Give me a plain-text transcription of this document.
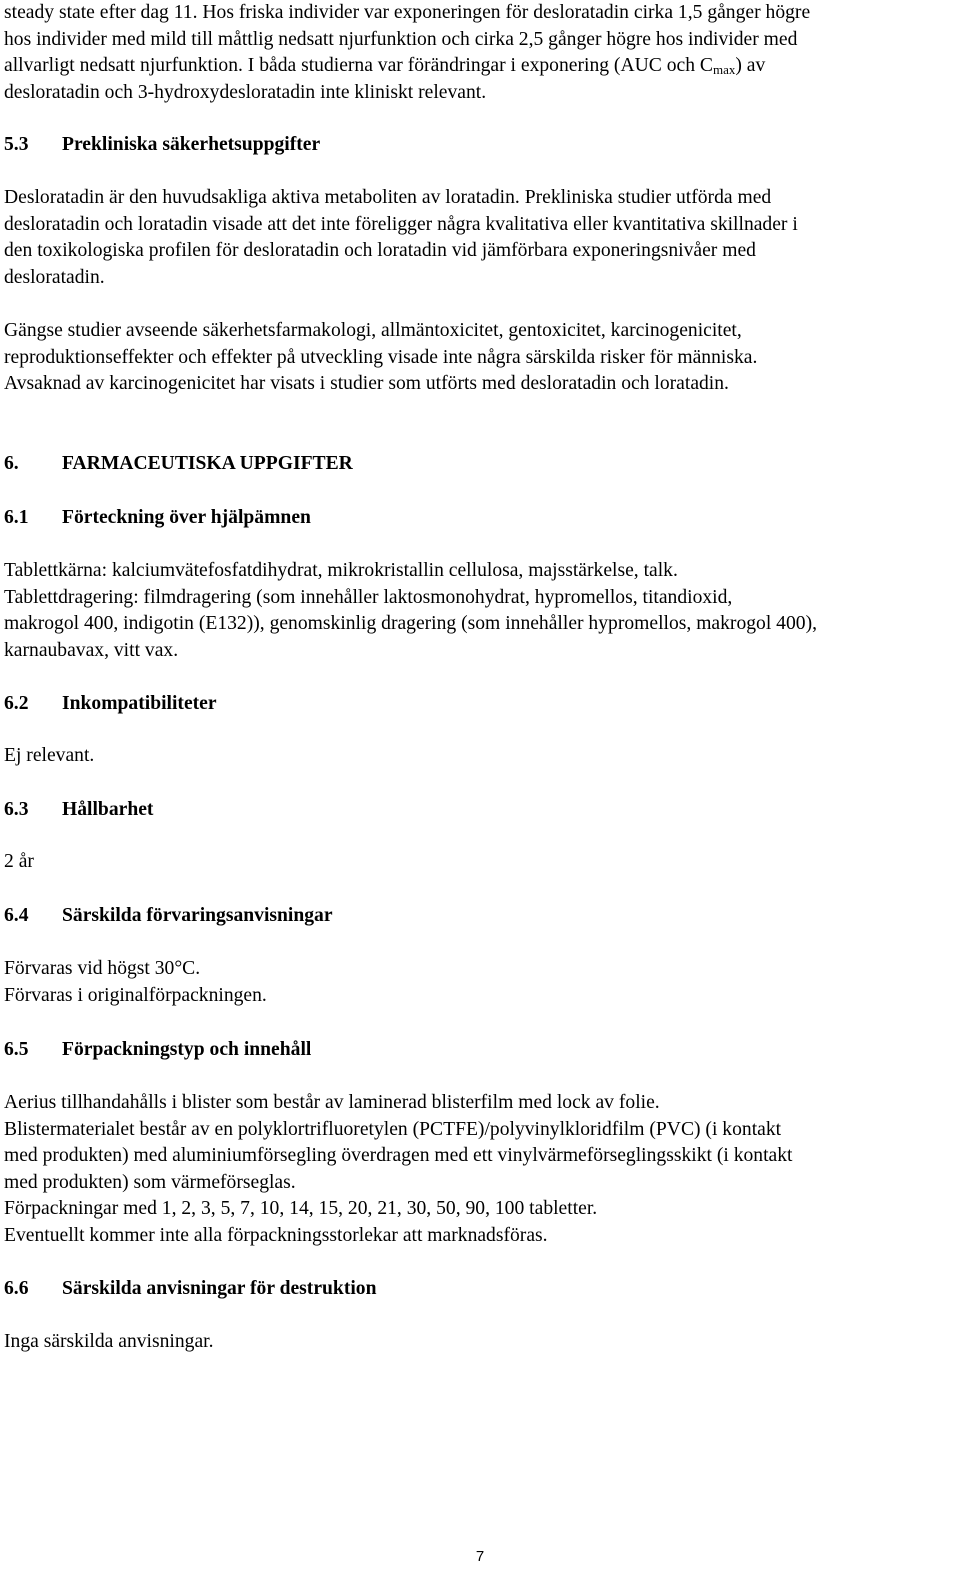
steady state efter dag 11. Hos friska individer var exponeringen för desloratadin cirka 1,5 gånger högre
hos individer med mild till måttlig nedsatt njurfunktion och cirka 2,5 gånger högre hos individer med
allvarligt nedsatt njurfunktion. I båda studierna var förändringar i exponering (AUC och $C_{max}$) av
desloratadin och 3-hydroxydesloratadin inte kliniskt relevant.
5.3 Prekliniska säkerhetsuppgifter
Desloratadin är den huvudsakliga aktiva metaboliten av loratadin. Prekliniska studier utförda med
desloratadin och loratadin visade att det inte föreligger några kvalitativa eller kvantitativa skillnader i
den toxikologiska profilen för desloratadin och loratadin vid jämförbara exponeringsnivåer med
desloratadin.
Gängse studier avseende säkerhetsfarmakologi, allmäntoxicitet, gentoxicitet, karcinogenicitet,
reproduktionseffekter och effekter på utveckling visade inte några särskilda risker för människa.
Avsaknad av karcinogenicitet har visats i studier som utförts med desloratadin och loratadin.
6. FARMACEUTISKA UPPGIFTER
6.1 Förteckning över hjälpämnen
Tablettkärna: kalciumvätefosfatdihydrat, mikrokristallin cellulosa, majsstärkelse, talk.
Tablettdragering: filmdragering (som innehåller laktosmonohydrat, hypromellos, titandioxid,
makrogol 400, indigotin (E132)), genomskinlig dragering (som innehåller hypromellos, makrogol 400),
karnaubavax, vitt vax.
6.2 Inkompatibiliteter
Ej relevant.
6.3 Hållbarhet
2 år
6.4 Särskilda förvaringsanvisningar
Förvaras vid högst 30°C.
Förvaras i originalförpackningen.
6.5 Förpackningstyp och innehåll
Aerius tillhandahålls i blister som består av laminerad blisterfilm med lock av folie.
Blistermaterialet består av en polyklortrifluoretylen (PCTFE)/polyvinylkloridfilm (PVC) (i kontakt
med produkten) med aluminiumförsegling överdragen med ett vinylvärmeförseglingsskikt (i kontakt
med produkten) som värmeförseglas.
Förpackningar med 1, 2, 3, 5, 7, 10, 14, 15, 20, 21, 30, 50, 90, 100 tabletter.
Eventuellt kommer inte alla förpackningsstorlekar att marknadsföras.
6.6 Särskilda anvisningar för destruktion
Inga särskilda anvisningar.
7
